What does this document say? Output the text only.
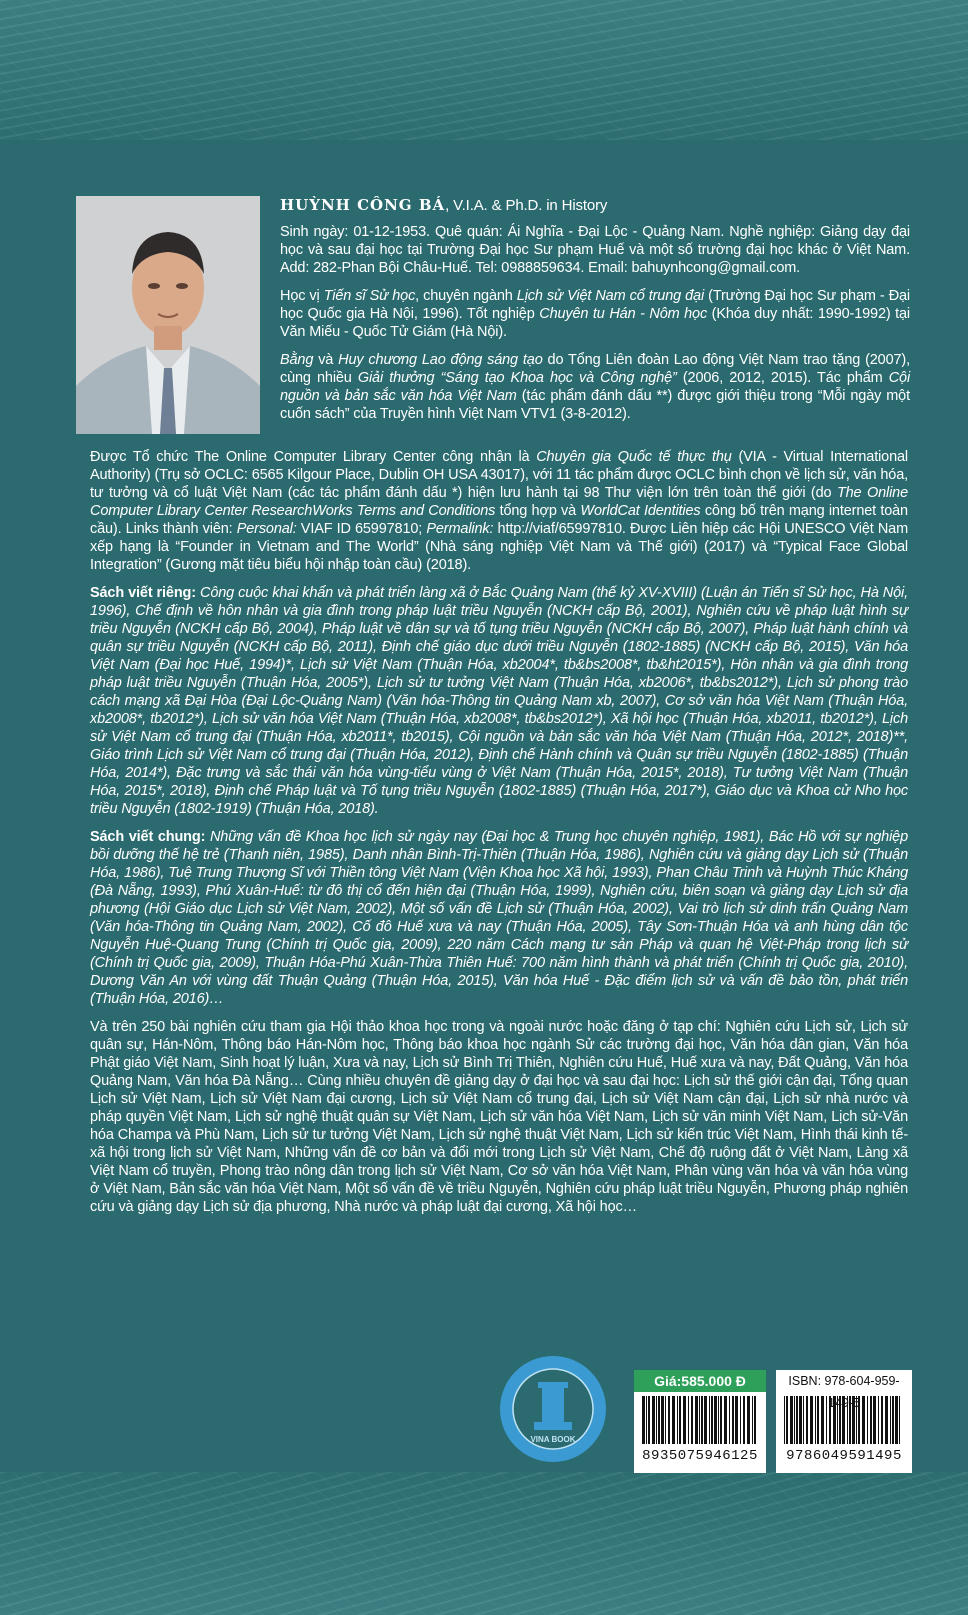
HUỲNH CÔNG BÁ, V.I.A. & Ph.D. in History

Sinh ngày: 01-12-1953. Quê quán: Ái Nghĩa - Đại Lộc - Quảng Nam. Nghề nghiệp: Giảng dạy đại học và sau đại học tại Trường Đại học Sư phạm Huế và một số trường đại học khác ở Việt Nam. Add: 282-Phan Bội Châu-Huế. Tel: 0988859634. Email: bahuynhcong@gmail.com.

Học vị Tiến sĩ Sử học, chuyên ngành Lịch sử Việt Nam cổ trung đại (Trường Đại học Sư phạm - Đại học Quốc gia Hà Nội, 1996). Tốt nghiệp Chuyên tu Hán - Nôm học (Khóa duy nhất: 1990-1992) tại Văn Miếu - Quốc Tử Giám (Hà Nội).

Bằng và Huy chương Lao động sáng tạo do Tổng Liên đoàn Lao động Việt Nam trao tặng (2007), cùng nhiều Giải thưởng “Sáng tạo Khoa học và Công nghệ” (2006, 2012, 2015). Tác phẩm Cội nguồn và bản sắc văn hóa Việt Nam (tác phẩm đánh dấu **) được giới thiệu trong “Mỗi ngày một cuốn sách” của Truyền hình Việt Nam VTV1 (3-8-2012).

Được Tổ chức The Online Computer Library Center công nhận là Chuyên gia Quốc tế thực thụ (VIA - Virtual International Authority) (Trụ sở OCLC: 6565 Kilgour Place, Dublin OH USA 43017), với 11 tác phẩm được OCLC bình chọn về lịch sử, văn hóa, tư tưởng và cổ luật Việt Nam (các tác phẩm đánh dấu *) hiện lưu hành tại 98 Thư viện lớn trên toàn thế giới (do The Online Computer Library Center ResearchWorks Terms and Conditions tổng hợp và WorldCat Identities công bố trên mạng internet toàn cầu). Links thành viên: Personal: VIAF ID 65997810; Permalink: http://viaf/65997810. Được Liên hiệp các Hội UNESCO Việt Nam xếp hạng là “Founder in Vietnam and The World” (Nhà sáng nghiệp Việt Nam và Thế giới) (2017) và “Typical Face Global Integration” (Gương mặt tiêu biểu hội nhập toàn cầu) (2018).

Sách viết riêng: Công cuộc khai khẩn và phát triển làng xã ở Bắc Quảng Nam (thế kỷ XV-XVIII) (Luận án Tiến sĩ Sử học, Hà Nội, 1996), Chế định về hôn nhân và gia đình trong pháp luật triều Nguyễn (NCKH cấp Bộ, 2001), Nghiên cứu về pháp luật hình sự triều Nguyễn (NCKH cấp Bộ, 2004), Pháp luật về dân sự và tố tụng triều Nguyễn (NCKH cấp Bộ, 2007), Pháp luật hành chính và quân sự triều Nguyễn (NCKH cấp Bộ, 2011), Định chế giáo dục dưới triều Nguyễn (1802-1885) (NCKH cấp Bộ, 2015), Văn hóa Việt Nam (Đại học Huế, 1994)*, Lịch sử Việt Nam (Thuận Hóa, xb2004*, tb&bs2008*, tb&ht2015*), Hôn nhân và gia đình trong pháp luật triều Nguyễn (Thuận Hóa, 2005*), Lịch sử tư tưởng Việt Nam (Thuận Hóa, xb2006*, tb&bs2012*), Lịch sử phong trào cách mạng xã Đại Hòa (Đại Lộc-Quảng Nam) (Văn hóa-Thông tin Quảng Nam xb, 2007), Cơ sở văn hóa Việt Nam (Thuận Hóa, xb2008*, tb2012*), Lịch sử văn hóa Việt Nam (Thuận Hóa, xb2008*, tb&bs2012*), Xã hội học (Thuận Hóa, xb2011, tb2012*), Lịch sử Việt Nam cổ trung đại (Thuận Hóa, xb2011*, tb2015), Cội nguồn và bản sắc văn hóa Việt Nam (Thuận Hóa, 2012*, 2018)**, Giáo trình Lịch sử Việt Nam cổ trung đại (Thuận Hóa, 2012), Định chế Hành chính và Quân sự triều Nguyễn (1802-1885) (Thuận Hóa, 2014*), Đặc trưng và sắc thái văn hóa vùng-tiểu vùng ở Việt Nam (Thuận Hóa, 2015*, 2018), Tư tưởng Việt Nam (Thuận Hóa, 2015*, 2018), Định chế Pháp luật và Tố tụng triều Nguyễn (1802-1885) (Thuận Hóa, 2017*), Giáo dục và Khoa cử Nho học triều Nguyễn (1802-1919) (Thuận Hóa, 2018).

Sách viết chung: Những vấn đề Khoa học lịch sử ngày nay (Đại học & Trung học chuyên nghiệp, 1981), Bác Hồ với sự nghiệp bồi dưỡng thế hệ trẻ (Thanh niên, 1985), Danh nhân Bình-Trị-Thiên (Thuận Hóa, 1986), Nghiên cứu và giảng dạy Lịch sử (Thuận Hóa, 1986), Tuệ Trung Thượng Sĩ với Thiền tông Việt Nam (Viện Khoa học Xã hội, 1993), Phan Châu Trinh và Huỳnh Thúc Kháng (Đà Nẵng, 1993), Phú Xuân-Huế: từ đô thị cổ đến hiện đại (Thuận Hóa, 1999), Nghiên cứu, biên soạn và giảng dạy Lịch sử địa phương (Hội Giáo dục Lịch sử Việt Nam, 2002), Một số vấn đề Lịch sử (Thuận Hóa, 2002), Vai trò lịch sử dinh trấn Quảng Nam (Văn hóa-Thông tin Quảng Nam, 2002), Cố đô Huế xưa và nay (Thuận Hóa, 2005), Tây Sơn-Thuận Hóa và anh hùng dân tộc Nguyễn Huệ-Quang Trung (Chính trị Quốc gia, 2009), 220 năm Cách mạng tư sản Pháp và quan hệ Việt-Pháp trong lịch sử (Chính trị Quốc gia, 2009), Thuận Hóa-Phú Xuân-Thừa Thiên Huế: 700 năm hình thành và phát triển (Chính trị Quốc gia, 2010), Dương Văn An với vùng đất Thuận Quảng (Thuận Hóa, 2015), Văn hóa Huế - Đặc điểm lịch sử và vấn đề bảo tồn, phát triển (Thuận Hóa, 2016)…

Và trên 250 bài nghiên cứu tham gia Hội thảo khoa học trong và ngoài nước hoặc đăng ở tạp chí: Nghiên cứu Lịch sử, Lịch sử quân sự, Hán-Nôm, Thông báo Hán-Nôm học, Thông báo khoa học ngành Sử các trường đại học, Văn hóa dân gian, Văn hóa Phật giáo Việt Nam, Sinh hoạt lý luận, Xưa và nay, Lịch sử Bình Trị Thiên, Nghiên cứu Huế, Huế xưa và nay, Đất Quảng, Văn hóa Quảng Nam, Văn hóa Đà Nẵng… Cùng nhiều chuyên đề giảng dạy ở đại học và sau đại học: Lịch sử thế giới cận đại, Tổng quan Lịch sử Việt Nam, Lịch sử Việt Nam đại cương, Lịch sử Việt Nam cổ trung đại, Lịch sử Việt Nam cận đại, Lịch sử nhà nước và pháp quyền Việt Nam, Lịch sử nghệ thuật quân sự Việt Nam, Lịch sử văn hóa Việt Nam, Lịch sử văn minh Việt Nam, Lịch sử-Văn hóa Champa và Phù Nam, Lịch sử tư tưởng Việt Nam, Lịch sử nghệ thuật Việt Nam, Lịch sử kiến trúc Việt Nam, Hình thái kinh tế-xã hội trong lịch sử Việt Nam, Những vấn đề cơ bản và đổi mới trong Lịch sử Việt Nam, Chế độ ruộng đất ở Việt Nam, Làng xã Việt Nam cổ truyền, Phong trào nông dân trong lịch sử Việt Nam, Cơ sở văn hóa Việt Nam, Phân vùng văn hóa và văn hóa vùng ở Việt Nam, Bản sắc văn hóa Việt Nam, Một số vấn đề về triều Nguyễn, Nghiên cứu pháp luật triều Nguyễn, Phương pháp nghiên cứu và giảng dạy Lịch sử địa phương, Nhà nước và pháp luật đại cương, Xã hội học…

VINA BOOK
Giá:585.000 Đ
8935075946125
ISBN: 978-604-959-149 5
9786049591495
